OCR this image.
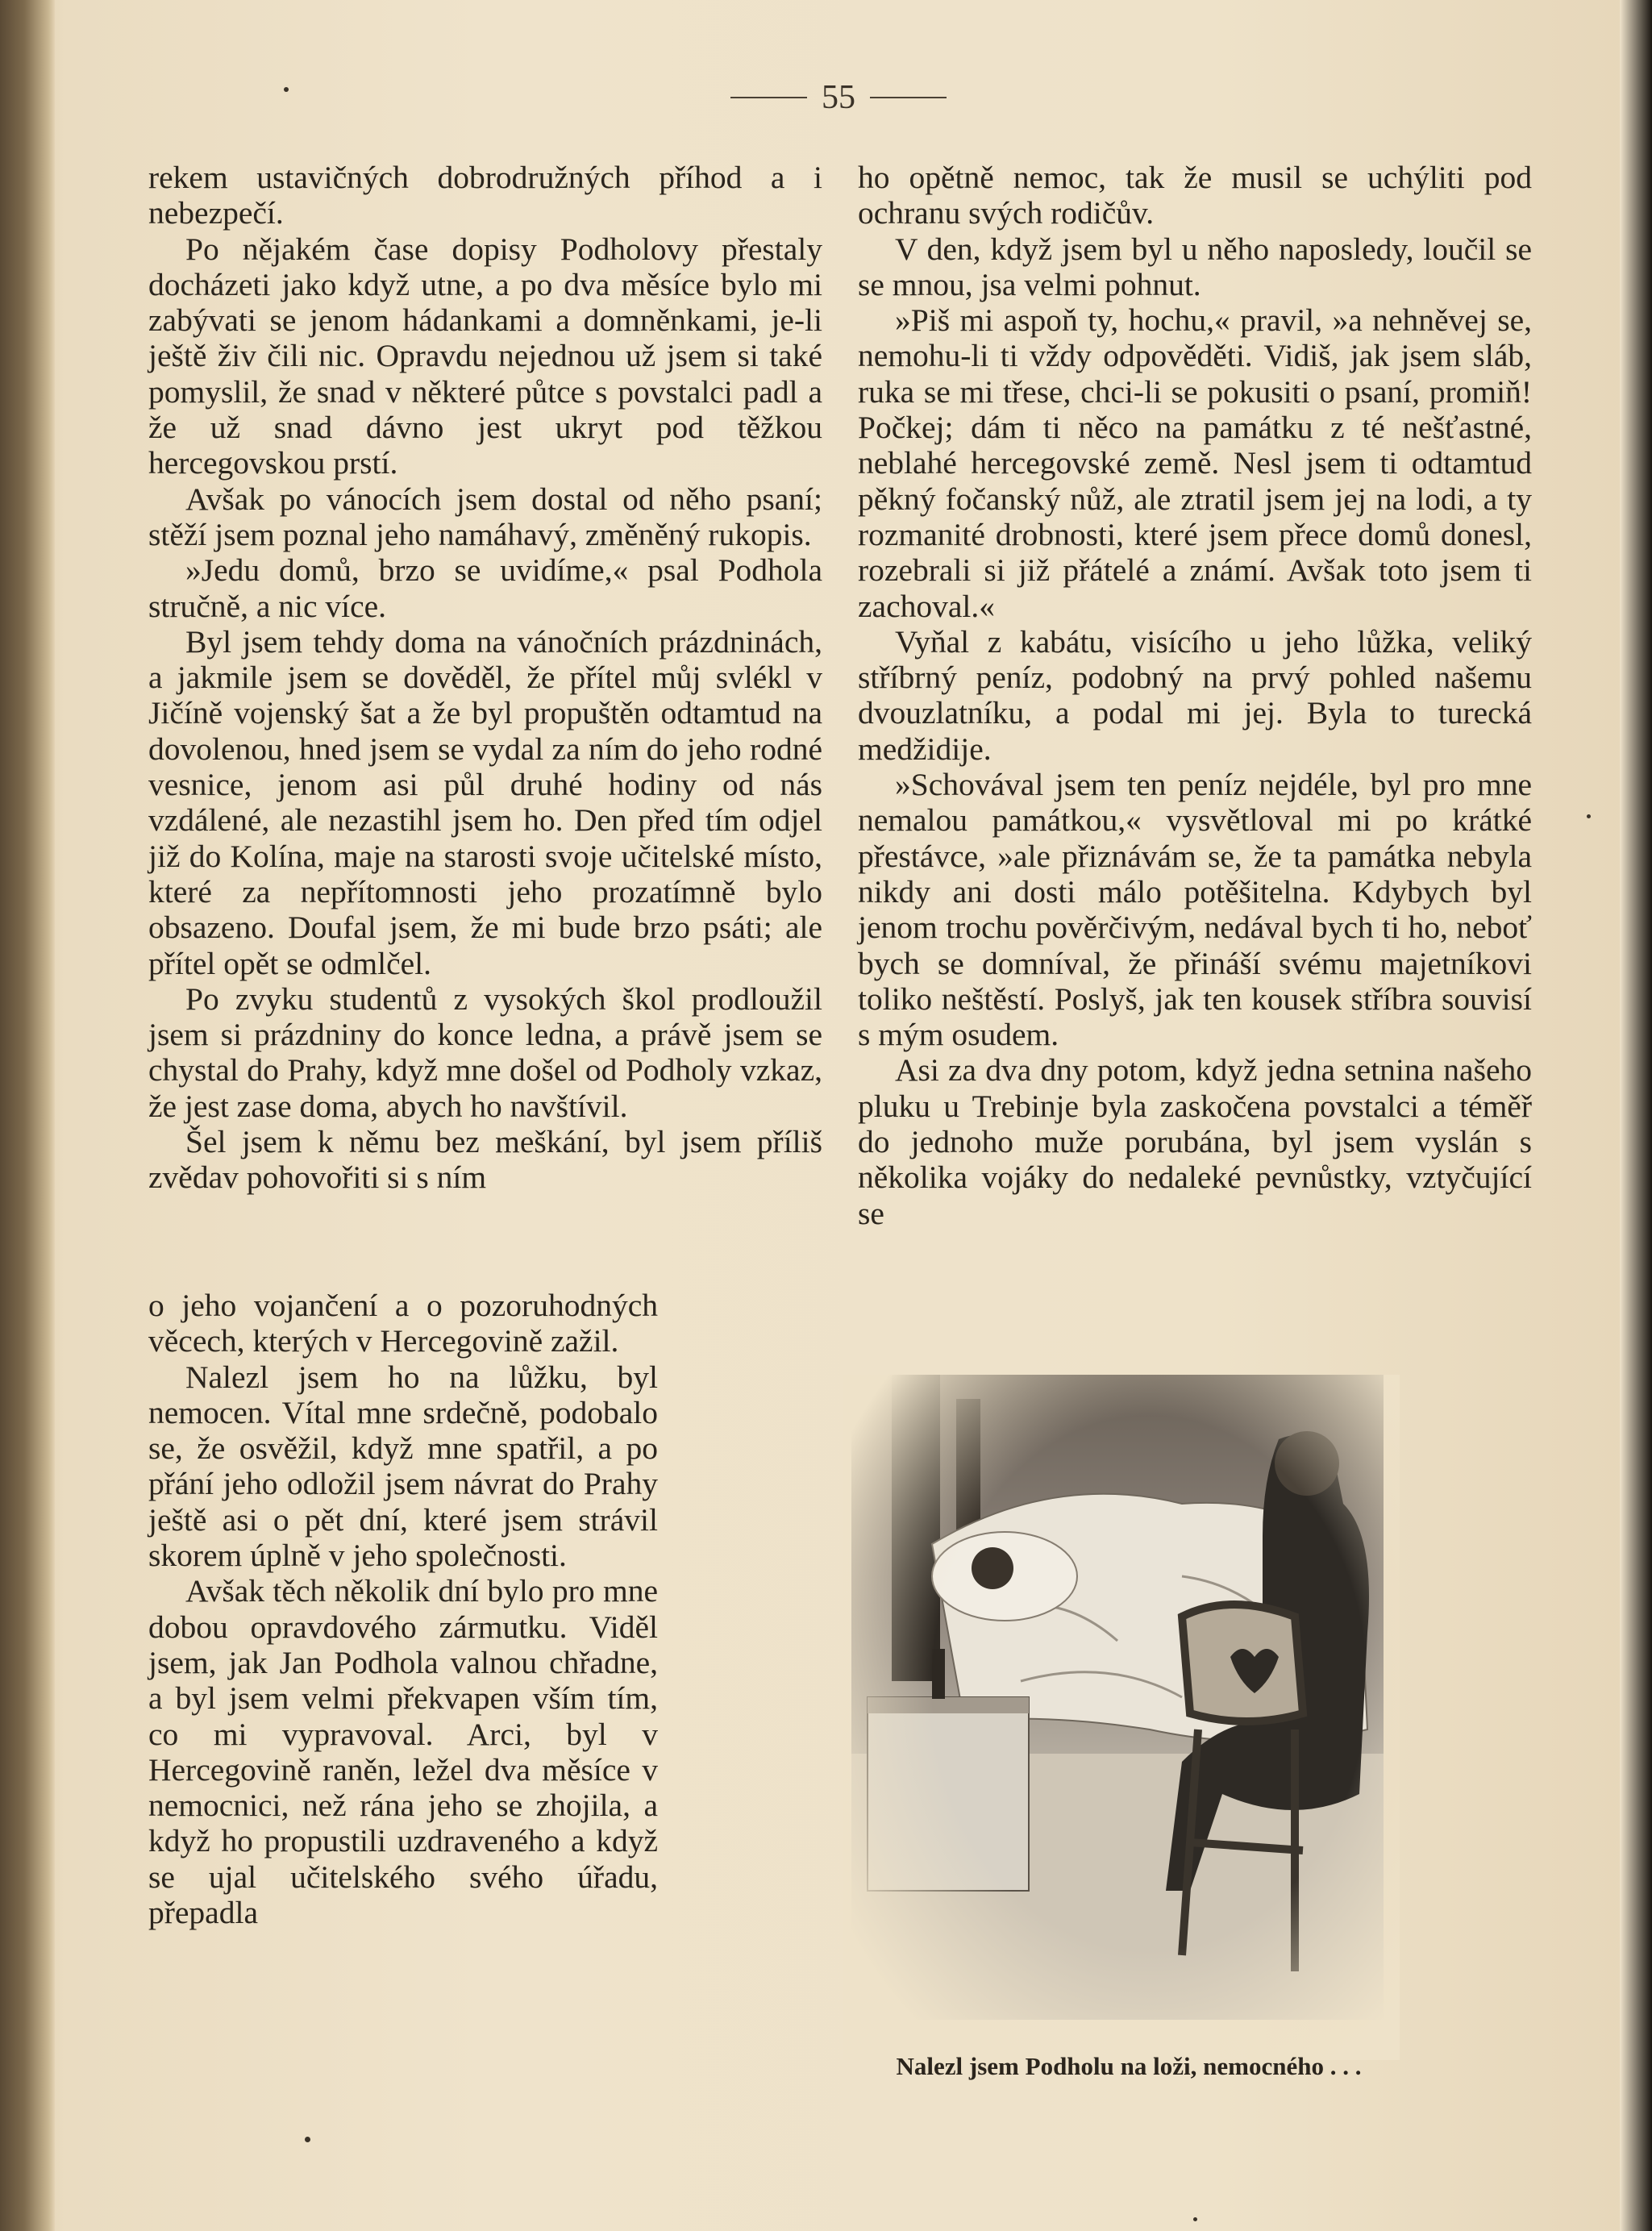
55

rekem ustavičných dobrodružných příhod a i nebezpečí.

Po nějakém čase dopisy Podholovy přestaly docházeti jako když utne, a po dva měsíce bylo mi zabývati se jenom hádankami a domněnkami, je-li ještě živ čili nic. Opravdu nejednou už jsem si také pomyslil, že snad v některé půtce s povstalci padl a že už snad dávno jest ukryt pod těžkou hercegovskou prstí.

Avšak po vánocích jsem dostal od něho psaní; stěží jsem poznal jeho namáhavý, změněný rukopis.

»Jedu domů, brzo se uvidíme,« psal Podhola stručně, a nic více.

Byl jsem tehdy doma na vánočních prázdninách, a jakmile jsem se dověděl, že přítel můj svlékl v Jičíně vojenský šat a že byl propuštěn odtamtud na dovolenou, hned jsem se vydal za ním do jeho rodné vesnice, jenom asi půl druhé hodiny od nás vzdálené, ale nezastihl jsem ho. Den před tím odjel již do Kolína, maje na starosti svoje učitelské místo, které za nepřítomnosti jeho prozatímně bylo obsazeno. Doufal jsem, že mi bude brzo psáti; ale přítel opět se odmlčel.

Po zvyku studentů z vysokých škol prodloužil jsem si prázdniny do konce ledna, a právě jsem se chystal do Prahy, když mne došel od Podholy vzkaz, že jest zase doma, abych ho navštívil.

Šel jsem k němu bez meškání, byl jsem příliš zvědav pohovořiti si s ním

o jeho vojančení a o pozoruhodných věcech, kterých v Hercegovině zažil.

Nalezl jsem ho na lůžku, byl nemocen. Vítal mne srdečně, podobalo se, že osvěžil, když mne spatřil, a po přání jeho odložil jsem návrat do Prahy ještě asi o pět dní, které jsem strávil skorem úplně v jeho společnosti.

Avšak těch několik dní bylo pro mne dobou opravdového zármutku. Viděl jsem, jak Jan Podhola valnou chřadne, a byl jsem velmi překvapen vším tím, co mi vypravoval. Arci, byl v Hercegovině raněn, ležel dva měsíce v nemocnici, než rána jeho se zhojila, a když ho propustili uzdraveného a když se ujal učitelského svého úřadu, přepadla

ho opětně nemoc, tak že musil se uchýliti pod ochranu svých rodičův.

V den, když jsem byl u něho naposledy, loučil se se mnou, jsa velmi pohnut.

»Piš mi aspoň ty, hochu,« pravil, »a nehněvej se, nemohu-li ti vždy odpověděti. Vidiš, jak jsem sláb, ruka se mi třese, chci-li se pokusiti o psaní, promiň! Počkej; dám ti něco na památku z té nešťastné, neblahé hercegovské země. Nesl jsem ti odtamtud pěkný fočanský nůž, ale ztratil jsem jej na lodi, a ty rozmanité drobnosti, které jsem přece domů donesl, rozebrali si již přátelé a známí. Avšak toto jsem ti zachoval.«

Vyňal z kabátu, visícího u jeho lůžka, veliký stříbrný peníz, podobný na prvý pohled našemu dvouzlatníku, a podal mi jej. Byla to turecká medžidije.

»Schovával jsem ten peníz nejdéle, byl pro mne nemalou památkou,« vysvětloval mi po krátké přestávce, »ale přiznávám se, že ta památka nebyla nikdy ani dosti málo potěšitelna. Kdybych byl jenom trochu pověrčivým, nedával bych ti ho, neboť bych se domníval, že přináší svému majetníkovi toliko neštěstí. Poslyš, jak ten kousek stříbra souvisí s mým osudem.

Asi za dva dny potom, když jedna setnina našeho pluku u Trebinje byla zaskočena povstalci a téměř do jednoho muže porubána, byl jsem vyslán s několika vojáky do nedaleké pevnůstky, vztyčující se

Nalezl jsem Podholu na loži, nemocného . . .
